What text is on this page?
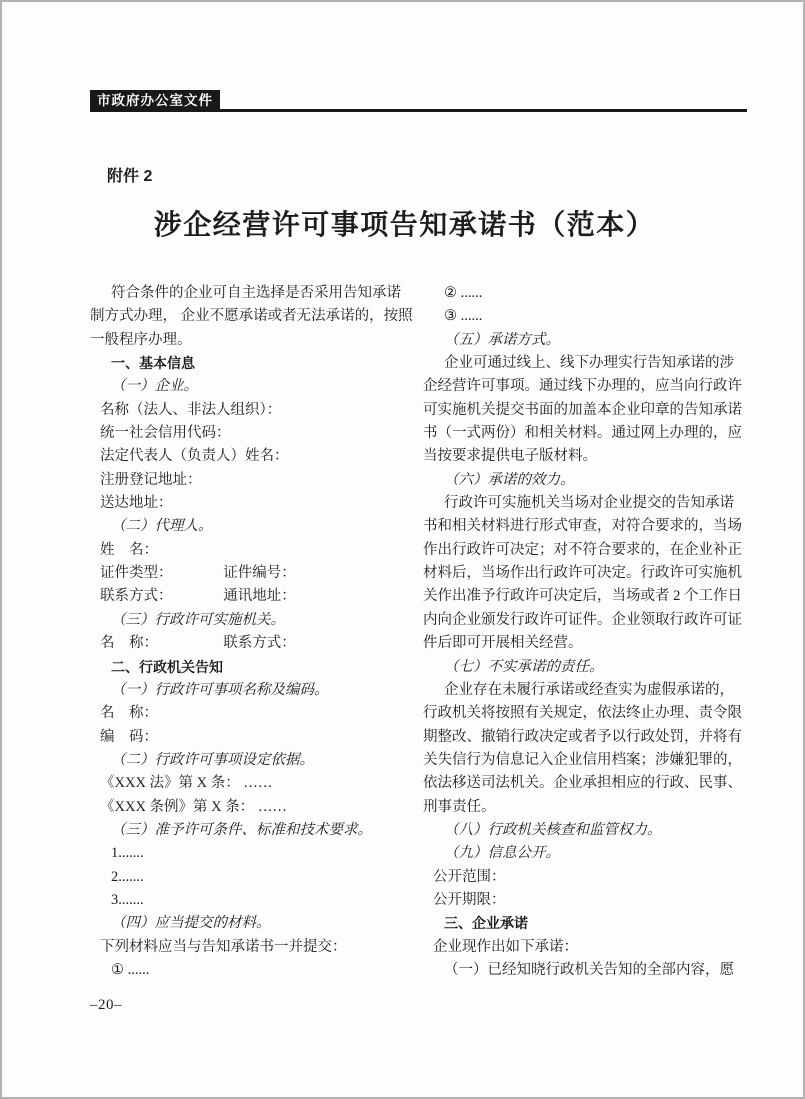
市政府办公室文件
附件 2
涉企经营许可事项告知承诺书（范本）
符合条件的企业可自主选择是否采用告知承诺
制方式办理， 企业不愿承诺或者无法承诺的，按照
一般程序办理。
一、基本信息
（一）企业。
名称（法人、非法人组织）：
统一社会信用代码：
法定代表人（负责人）姓名：
注册登记地址：
送达地址：
（二）代理人。
姓　名：
证件类型：　　　　证件编号：
联系方式：　　　　通讯地址：
（三）行政许可实施机关。
名　称：　　　　　联系方式：
二、行政机关告知
（一）行政许可事项名称及编码。
名　称：
编　码：
（二）行政许可事项设定依据。
《XXX 法》第 X 条： ……
《XXX 条例》第 X 条： ……
（三）准予许可条件、标准和技术要求。
1.......
2.......
3.......
（四）应当提交的材料。
下列材料应当与告知承诺书一并提交：
① ......
② ......
③ ......
（五）承诺方式。
企业可通过线上、线下办理实行告知承诺的涉
企经营许可事项。通过线下办理的，应当向行政许
可实施机关提交书面的加盖本企业印章的告知承诺
书（一式两份）和相关材料。通过网上办理的，应
当按要求提供电子版材料。
（六）承诺的效力。
行政许可实施机关当场对企业提交的告知承诺
书和相关材料进行形式审查，对符合要求的，当场
作出行政许可决定；对不符合要求的，在企业补正
材料后，当场作出行政许可决定。行政许可实施机
关作出准予行政许可决定后，当场或者 2 个工作日
内向企业颁发行政许可证件。企业领取行政许可证
件后即可开展相关经营。
（七）不实承诺的责任。
企业存在未履行承诺或经查实为虚假承诺的，
行政机关将按照有关规定，依法终止办理、责令限
期整改、撤销行政决定或者予以行政处罚，并将有
关失信行为信息记入企业信用档案；涉嫌犯罪的，
依法移送司法机关。企业承担相应的行政、民事、
刑事责任。
（八）行政机关核查和监管权力。
（九）信息公开。
公开范围：
公开期限：
三、企业承诺
企业现作出如下承诺：
（一）已经知晓行政机关告知的全部内容，愿
–20–
